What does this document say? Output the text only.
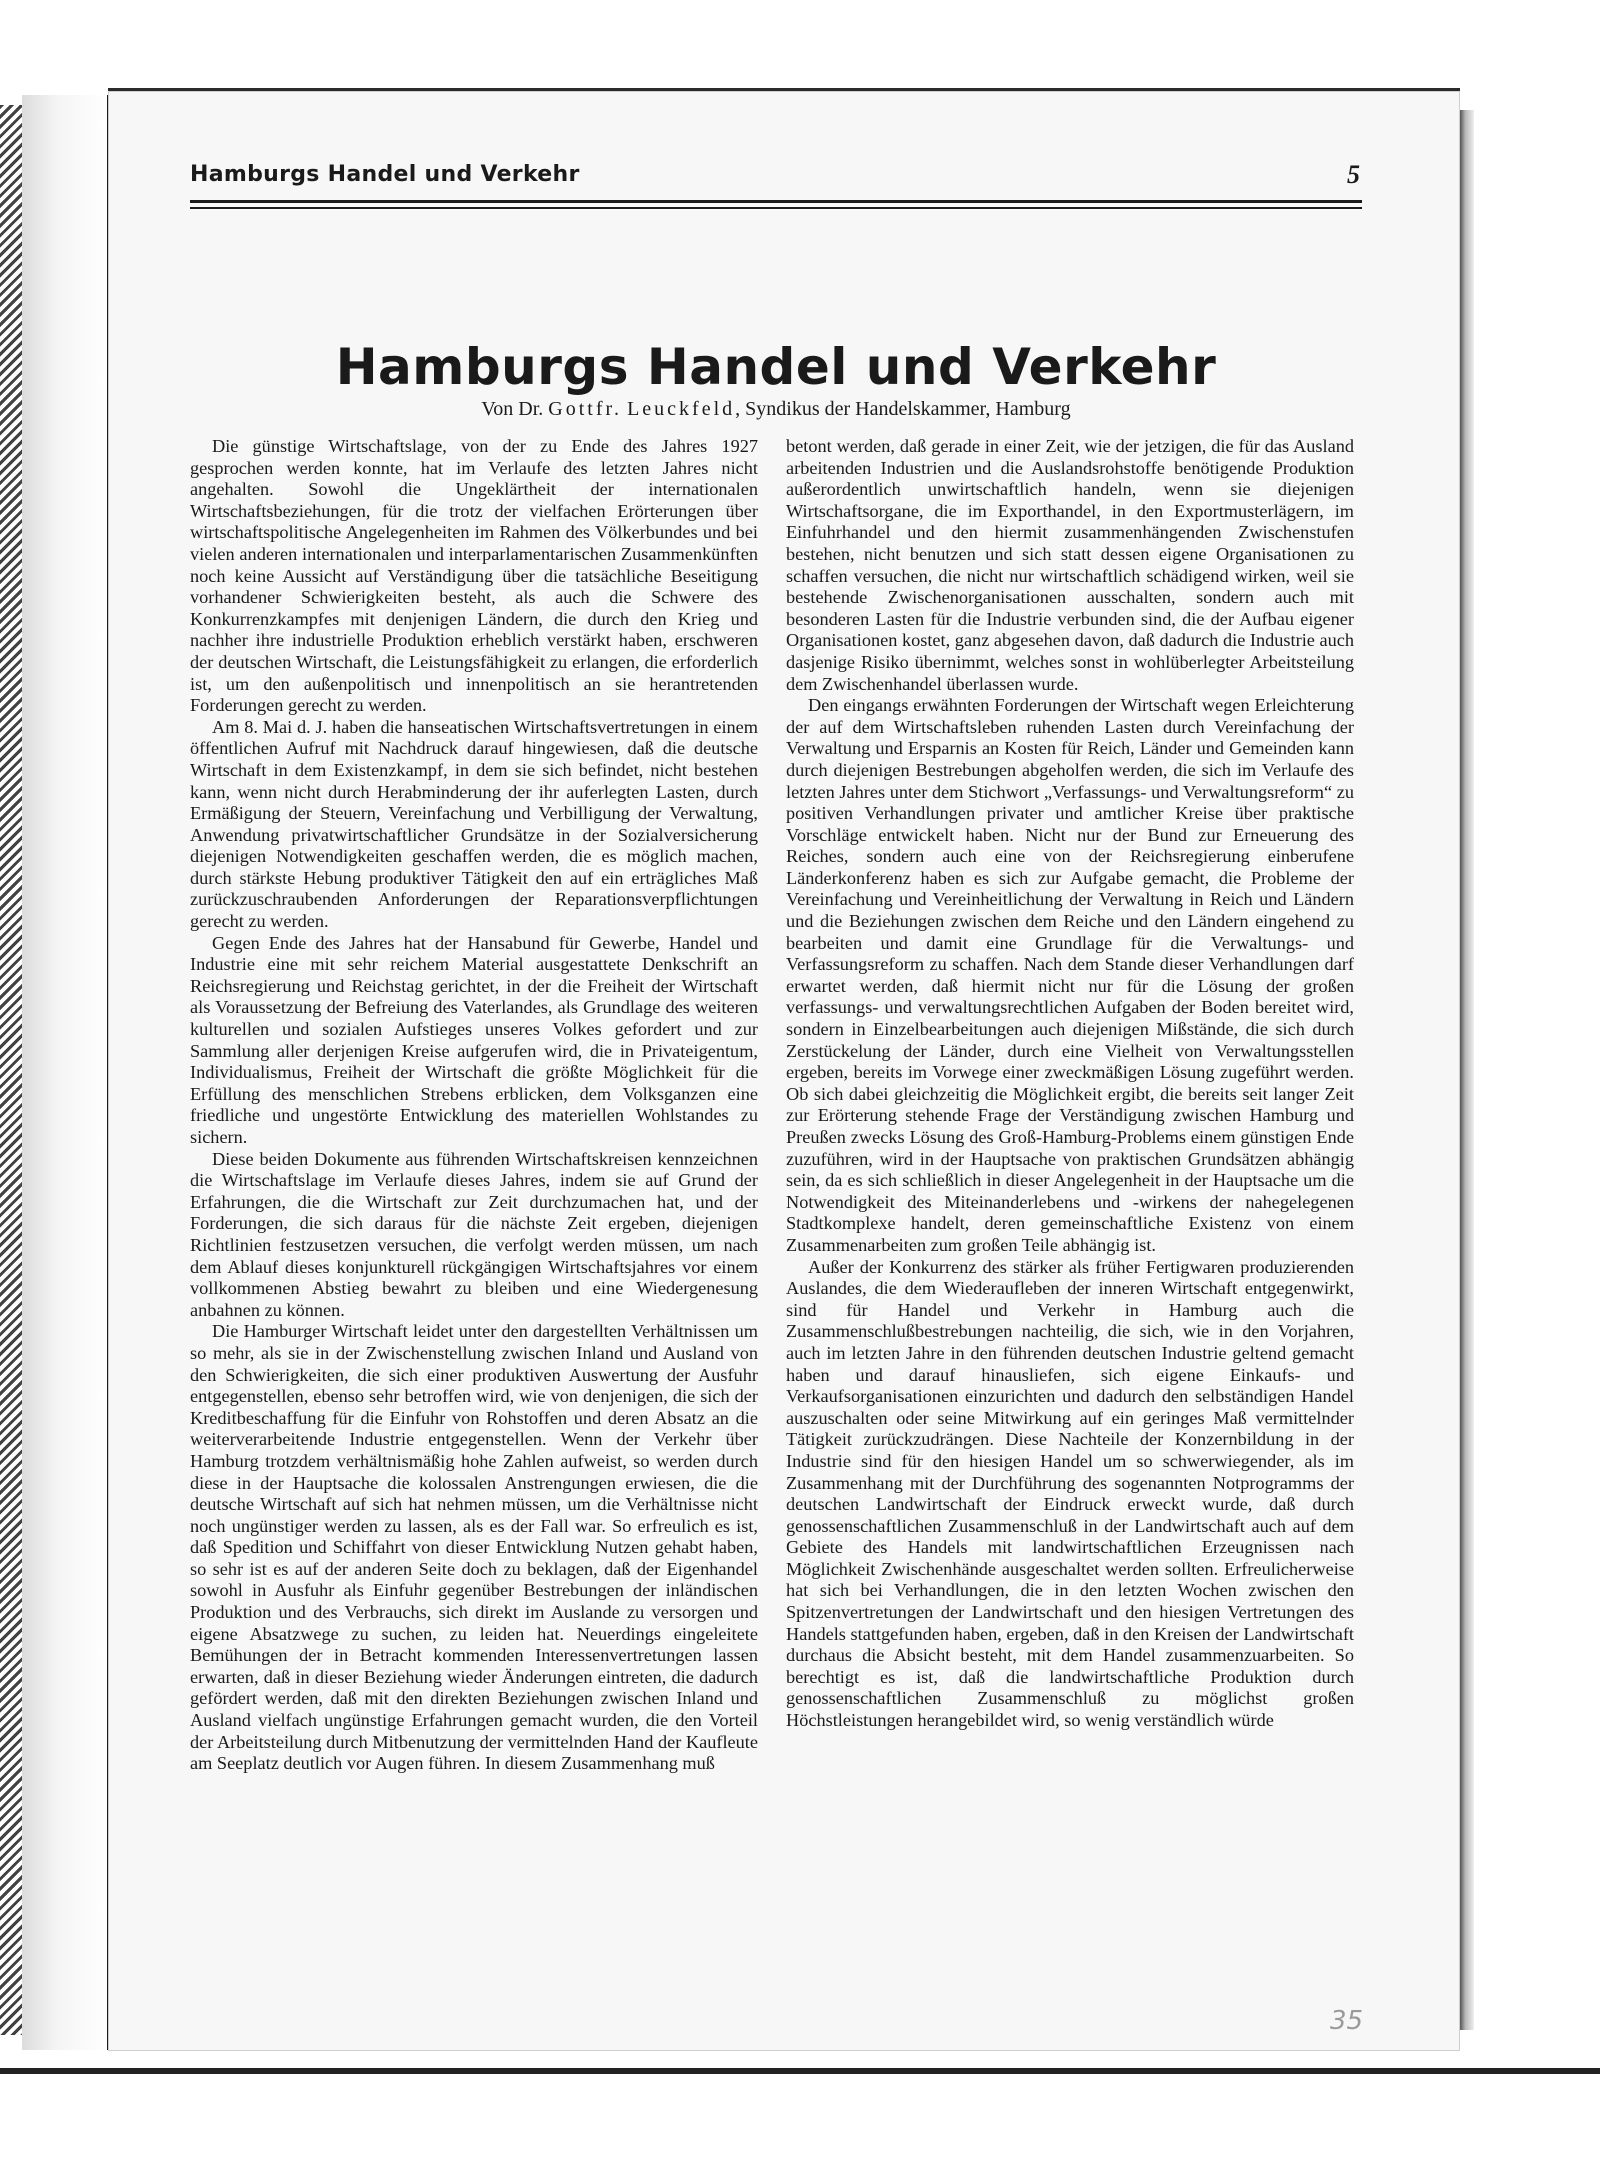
Hamburgs Handel und Verkehr	5
Hamburgs Handel und Verkehr
Von Dr. Gottfr. Leuckfeld, Syndikus der Handelskammer, Hamburg

Die günstige Wirtschaftslage, von der zu Ende des Jahres 1927 gesprochen werden konnte, hat im Verlaufe des letzten Jahres nicht angehalten. Sowohl die Ungeklärtheit der internationalen Wirtschaftsbeziehungen, für die trotz der vielfachen Erörterungen über wirtschaftspolitische Angelegenheiten im Rahmen des Völkerbundes und bei vielen anderen internationalen und interparlamentarischen Zusammenkünften noch keine Aussicht auf Verständigung über die tatsächliche Beseitigung vorhandener Schwierigkeiten besteht, als auch die Schwere des Konkurrenzkampfes mit denjenigen Ländern, die durch den Krieg und nachher ihre industrielle Produktion erheblich verstärkt haben, erschweren der deutschen Wirtschaft, die Leistungsfähigkeit zu erlangen, die erforderlich ist, um den außenpolitisch und innenpolitisch an sie herantretenden Forderungen gerecht zu werden.

Am 8. Mai d. J. haben die hanseatischen Wirtschaftsvertretungen in einem öffentlichen Aufruf mit Nachdruck darauf hingewiesen, daß die deutsche Wirtschaft in dem Existenzkampf, in dem sie sich befindet, nicht bestehen kann, wenn nicht durch Herabminderung der ihr auferlegten Lasten, durch Ermäßigung der Steuern, Vereinfachung und Verbilligung der Verwaltung, Anwendung privatwirtschaftlicher Grundsätze in der Sozialversicherung diejenigen Notwendigkeiten geschaffen werden, die es möglich machen, durch stärkste Hebung produktiver Tätigkeit den auf ein erträgliches Maß zurückzuschraubenden Anforderungen der Reparationsverpflichtungen gerecht zu werden.

Gegen Ende des Jahres hat der Hansabund für Gewerbe, Handel und Industrie eine mit sehr reichem Material ausgestattete Denkschrift an Reichsregierung und Reichstag gerichtet, in der die Freiheit der Wirtschaft als Voraussetzung der Befreiung des Vaterlandes, als Grundlage des weiteren kulturellen und sozialen Aufstieges unseres Volkes gefordert und zur Sammlung aller derjenigen Kreise aufgerufen wird, die in Privateigentum, Individualismus, Freiheit der Wirtschaft die größte Möglichkeit für die Erfüllung des menschlichen Strebens erblicken, dem Volksganzen eine friedliche und ungestörte Entwicklung des materiellen Wohlstandes zu sichern.

Diese beiden Dokumente aus führenden Wirtschaftskreisen kennzeichnen die Wirtschaftslage im Verlaufe dieses Jahres, indem sie auf Grund der Erfahrungen, die die Wirtschaft zur Zeit durchzumachen hat, und der Forderungen, die sich daraus für die nächste Zeit ergeben, diejenigen Richtlinien festzusetzen versuchen, die verfolgt werden müssen, um nach dem Ablauf dieses konjunkturell rückgängigen Wirtschaftsjahres vor einem vollkommenen Abstieg bewahrt zu bleiben und eine Wiedergenesung anbahnen zu können.

Die Hamburger Wirtschaft leidet unter den dargestellten Verhältnissen um so mehr, als sie in der Zwischenstellung zwischen Inland und Ausland von den Schwierigkeiten, die sich einer produktiven Auswertung der Ausfuhr entgegenstellen, ebenso sehr betroffen wird, wie von denjenigen, die sich der Kreditbeschaffung für die Einfuhr von Rohstoffen und deren Absatz an die weiterverarbeitende Industrie entgegenstellen. Wenn der Verkehr über Hamburg trotzdem verhältnismäßig hohe Zahlen aufweist, so werden durch diese in der Hauptsache die kolossalen Anstrengungen erwiesen, die die deutsche Wirtschaft auf sich hat nehmen müssen, um die Verhältnisse nicht noch ungünstiger werden zu lassen, als es der Fall war. So erfreulich es ist, daß Spedition und Schiffahrt von dieser Entwicklung Nutzen gehabt haben, so sehr ist es auf der anderen Seite doch zu beklagen, daß der Eigenhandel sowohl in Ausfuhr als Einfuhr gegenüber Bestrebungen der inländischen Produktion und des Verbrauchs, sich direkt im Auslande zu versorgen und eigene Absatzwege zu suchen, zu leiden hat. Neuerdings eingeleitete Bemühungen der in Betracht kommenden Interessenvertretungen lassen erwarten, daß in dieser Beziehung wieder Änderungen eintreten, die dadurch gefördert werden, daß mit den direkten Beziehungen zwischen Inland und Ausland vielfach ungünstige Erfahrungen gemacht wurden, die den Vorteil der Arbeitsteilung durch Mitbenutzung der vermittelnden Hand der Kaufleute am Seeplatz deutlich vor Augen führen. In diesem Zusammenhang muß

betont werden, daß gerade in einer Zeit, wie der jetzigen, die für das Ausland arbeitenden Industrien und die Auslandsrohstoffe benötigende Produktion außerordentlich unwirtschaftlich handeln, wenn sie diejenigen Wirtschaftsorgane, die im Exporthandel, in den Exportmusterlägern, im Einfuhrhandel und den hiermit zusammenhängenden Zwischenstufen bestehen, nicht benutzen und sich statt dessen eigene Organisationen zu schaffen versuchen, die nicht nur wirtschaftlich schädigend wirken, weil sie bestehende Zwischenorganisationen ausschalten, sondern auch mit besonderen Lasten für die Industrie verbunden sind, die der Aufbau eigener Organisationen kostet, ganz abgesehen davon, daß dadurch die Industrie auch dasjenige Risiko übernimmt, welches sonst in wohlüberlegter Arbeitsteilung dem Zwischenhandel überlassen wurde.

Den eingangs erwähnten Forderungen der Wirtschaft wegen Erleichterung der auf dem Wirtschaftsleben ruhenden Lasten durch Vereinfachung der Verwaltung und Ersparnis an Kosten für Reich, Länder und Gemeinden kann durch diejenigen Bestrebungen abgeholfen werden, die sich im Verlaufe des letzten Jahres unter dem Stichwort „Verfassungs- und Verwaltungsreform“ zu positiven Verhandlungen privater und amtlicher Kreise über praktische Vorschläge entwickelt haben. Nicht nur der Bund zur Erneuerung des Reiches, sondern auch eine von der Reichsregierung einberufene Länderkonferenz haben es sich zur Aufgabe gemacht, die Probleme der Vereinfachung und Vereinheitlichung der Verwaltung in Reich und Ländern und die Beziehungen zwischen dem Reiche und den Ländern eingehend zu bearbeiten und damit eine Grundlage für die Verwaltungs- und Verfassungsreform zu schaffen. Nach dem Stande dieser Verhandlungen darf erwartet werden, daß hiermit nicht nur für die Lösung der großen verfassungs- und verwaltungsrechtlichen Aufgaben der Boden bereitet wird, sondern in Einzelbearbeitungen auch diejenigen Mißstände, die sich durch Zerstückelung der Länder, durch eine Vielheit von Verwaltungsstellen ergeben, bereits im Vorwege einer zweckmäßigen Lösung zugeführt werden. Ob sich dabei gleichzeitig die Möglichkeit ergibt, die bereits seit langer Zeit zur Erörterung stehende Frage der Verständigung zwischen Hamburg und Preußen zwecks Lösung des Groß-Hamburg-Problems einem günstigen Ende zuzuführen, wird in der Hauptsache von praktischen Grundsätzen abhängig sein, da es sich schließlich in dieser Angelegenheit in der Hauptsache um die Notwendigkeit des Miteinanderlebens und -wirkens der nahegelegenen Stadtkomplexe handelt, deren gemeinschaftliche Existenz von einem Zusammenarbeiten zum großen Teile abhängig ist.

Außer der Konkurrenz des stärker als früher Fertigwaren produzierenden Auslandes, die dem Wiederaufleben der inneren Wirtschaft entgegenwirkt, sind für Handel und Verkehr in Hamburg auch die Zusammenschlußbestrebungen nachteilig, die sich, wie in den Vorjahren, auch im letzten Jahre in den führenden deutschen Industrie geltend gemacht haben und darauf hinausliefen, sich eigene Einkaufs- und Verkaufsorganisationen einzurichten und dadurch den selbständigen Handel auszuschalten oder seine Mitwirkung auf ein geringes Maß vermittelnder Tätigkeit zurückzudrängen. Diese Nachteile der Konzernbildung in der Industrie sind für den hiesigen Handel um so schwerwiegender, als im Zusammenhang mit der Durchführung des sogenannten Notprogramms der deutschen Landwirtschaft der Eindruck erweckt wurde, daß durch genossenschaftlichen Zusammenschluß in der Landwirtschaft auch auf dem Gebiete des Handels mit landwirtschaftlichen Erzeugnissen nach Möglichkeit Zwischenhände ausgeschaltet werden sollten. Erfreulicherweise hat sich bei Verhandlungen, die in den letzten Wochen zwischen den Spitzenvertretungen der Landwirtschaft und den hiesigen Vertretungen des Handels stattgefunden haben, ergeben, daß in den Kreisen der Landwirtschaft durchaus die Absicht besteht, mit dem Handel zusammenzuarbeiten. So berechtigt es ist, daß die landwirtschaftliche Produktion durch genossenschaftlichen Zusammenschluß zu möglichst großen Höchstleistungen herangebildet wird, so wenig verständlich würde

35
